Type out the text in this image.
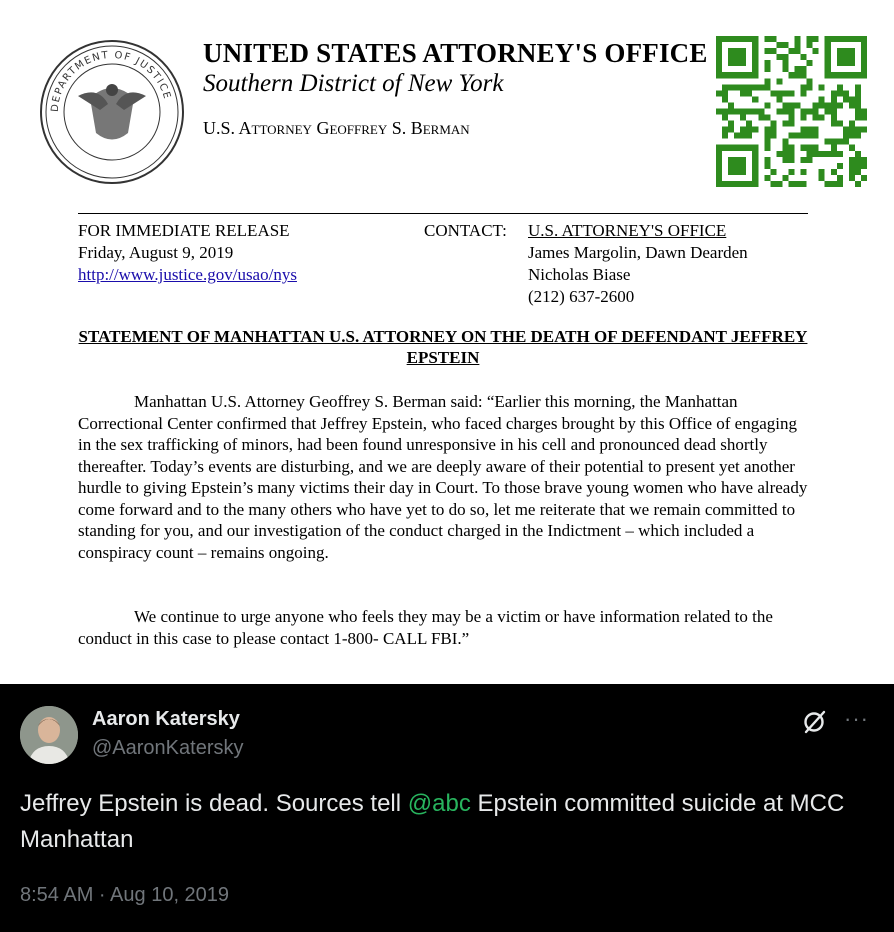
DEPARTMENT OF JUSTICE
UNITED STATES ATTORNEY'S OFFICE
Southern District of New York
U.S. Attorney Geoffrey S. Berman
FOR IMMEDIATE RELEASE
Friday, August 9, 2019
http://www.justice.gov/usao/nys
CONTACT: U.S. ATTORNEY'S OFFICE
James Margolin, Dawn Dearden
Nicholas Biase
(212) 637-2600
STATEMENT OF MANHATTAN U.S. ATTORNEY ON THE DEATH OF DEFENDANT JEFFREY EPSTEIN
Manhattan U.S. Attorney Geoffrey S. Berman said: “Earlier this morning, the Manhattan Correctional Center confirmed that Jeffrey Epstein, who faced charges brought by this Office of engaging in the sex trafficking of minors, had been found unresponsive in his cell and pronounced dead shortly thereafter. Today’s events are disturbing, and we are deeply aware of their potential to present yet another hurdle to giving Epstein’s many victims their day in Court. To those brave young women who have already come forward and to the many others who have yet to do so, let me reiterate that we remain committed to standing for you, and our investigation of the conduct charged in the Indictment – which included a conspiracy count – remains ongoing.
We continue to urge anyone who feels they may be a victim or have information related to the conduct in this case to please contact 1-800- CALL FBI.”
Aaron Katersky
@AaronKatersky
···
Jeffrey Epstein is dead. Sources tell @abc Epstein committed suicide at MCC Manhattan
8:54 AM · Aug 10, 2019
